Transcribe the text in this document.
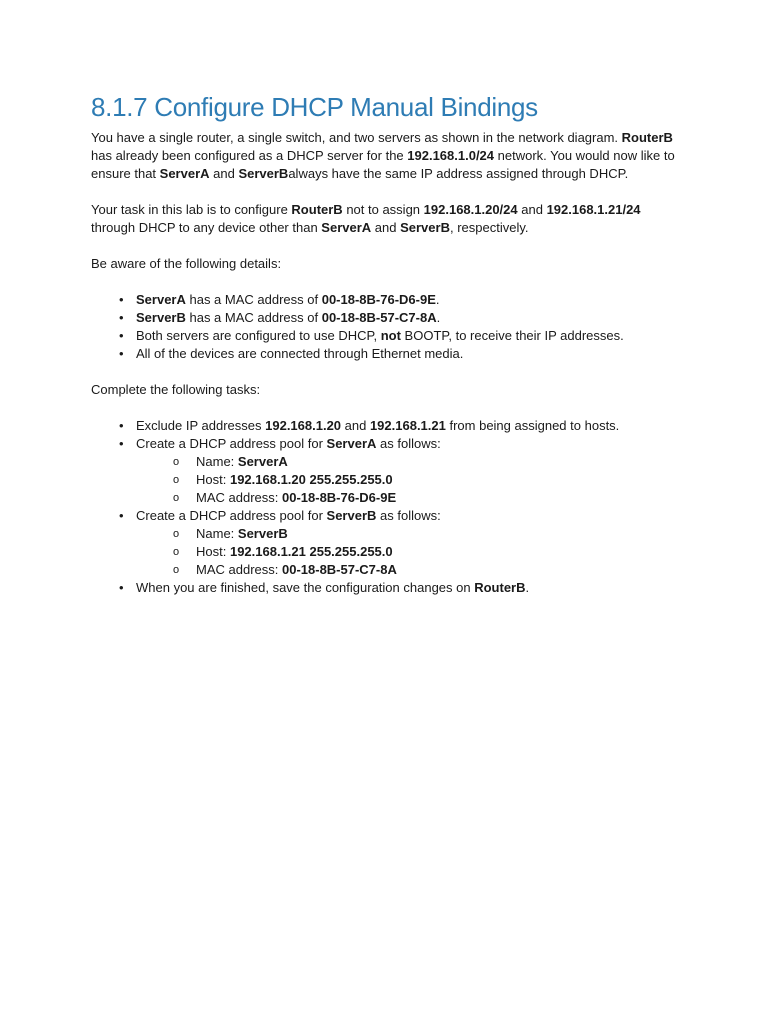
8.1.7 Configure DHCP Manual Bindings

You have a single router, a single switch, and two servers as shown in the network diagram. RouterB has already been configured as a DHCP server for the 192.168.1.0/24 network. You would now like to ensure that ServerA and ServerBalways have the same IP address assigned through DHCP.

Your task in this lab is to configure RouterB not to assign 192.168.1.20/24 and 192.168.1.21/24 through DHCP to any device other than ServerA and ServerB, respectively.

Be aware of the following details:

• ServerA has a MAC address of 00-18-8B-76-D6-9E.
• ServerB has a MAC address of 00-18-8B-57-C7-8A.
• Both servers are configured to use DHCP, not BOOTP, to receive their IP addresses.
• All of the devices are connected through Ethernet media.

Complete the following tasks:

• Exclude IP addresses 192.168.1.20 and 192.168.1.21 from being assigned to hosts.
• Create a DHCP address pool for ServerA as follows:
o Name: ServerA
o Host: 192.168.1.20 255.255.255.0
o MAC address: 00-18-8B-76-D6-9E
• Create a DHCP address pool for ServerB as follows:
o Name: ServerB
o Host: 192.168.1.21 255.255.255.0
o MAC address: 00-18-8B-57-C7-8A
• When you are finished, save the configuration changes on RouterB.
